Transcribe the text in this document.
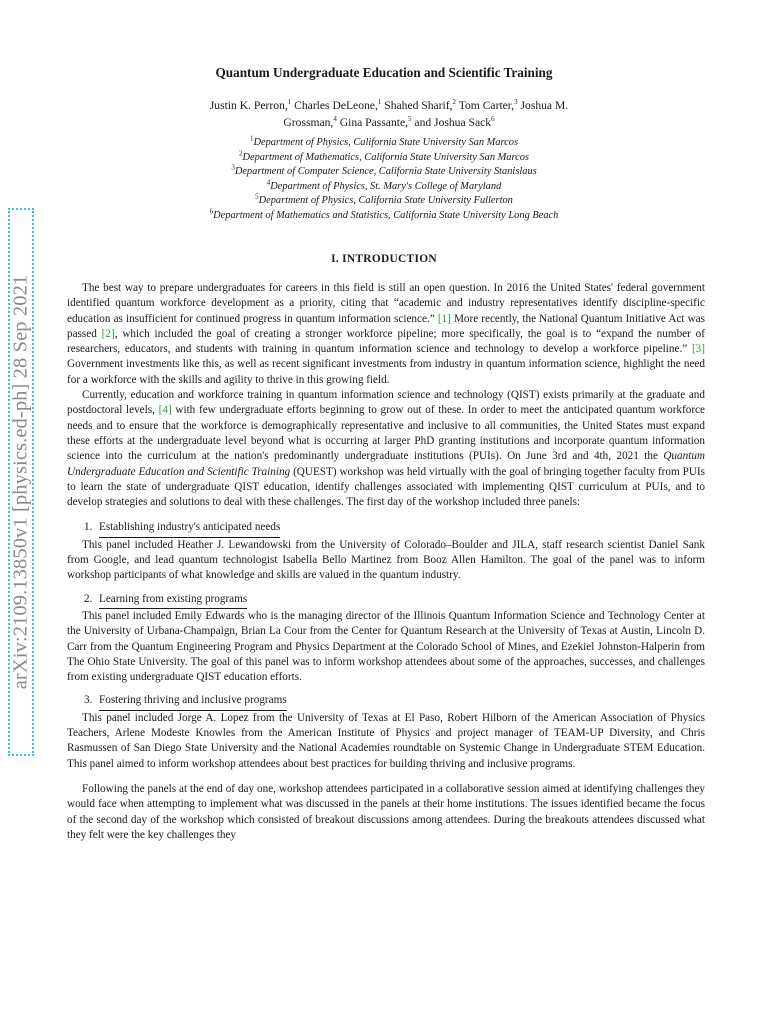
arXiv:2109.13850v1 [physics.ed-ph] 28 Sep 2021
Quantum Undergraduate Education and Scientific Training
Justin K. Perron,$^1$ Charles DeLeone,$^1$ Shahed Sharif,$^2$ Tom Carter,$^3$ Joshua M. Grossman,$^4$ Gina Passante,$^5$ and Joshua Sack$^6$
$^1$Department of Physics, California State University San Marcos
$^2$Department of Mathematics, California State University San Marcos
$^3$Department of Computer Science, California State University Stanislaus
$^4$Department of Physics, St. Mary's College of Maryland
$^5$Department of Physics, California State University Fullerton
$^6$Department of Mathematics and Statistics, California State University Long Beach
I. INTRODUCTION

The best way to prepare undergraduates for careers in this field is still an open question. In 2016 the United States' federal government identified quantum workforce development as a priority, citing that “academic and industry representatives identify discipline-specific education as insufficient for continued progress in quantum information science.” [1] More recently, the National Quantum Initiative Act was passed [2], which included the goal of creating a stronger workforce pipeline; more specifically, the goal is to “expand the number of researchers, educators, and students with training in quantum information science and technology to develop a workforce pipeline.” [3] Government investments like this, as well as recent significant investments from industry in quantum information science, highlight the need for a workforce with the skills and agility to thrive in this growing field.

Currently, education and workforce training in quantum information science and technology (QIST) exists primarily at the graduate and postdoctoral levels, [4] with few undergraduate efforts beginning to grow out of these. In order to meet the anticipated quantum workforce needs and to ensure that the workforce is demographically representative and inclusive to all communities, the United States must expand these efforts at the undergraduate level beyond what is occurring at larger PhD granting institutions and incorporate quantum information science into the curriculum at the nation's predominantly undergraduate institutions (PUIs). On June 3rd and 4th, 2021 the Quantum Undergraduate Education and Scientific Training (QUEST) workshop was held virtually with the goal of bringing together faculty from PUIs to learn the state of undergraduate QIST education, identify challenges associated with implementing QIST curriculum at PUIs, and to develop strategies and solutions to deal with these challenges. The first day of the workshop included three panels:

1. Establishing industry's anticipated needs

This panel included Heather J. Lewandowski from the University of Colorado–Boulder and JILA, staff research scientist Daniel Sank from Google, and lead quantum technologist Isabella Bello Martinez from Booz Allen Hamilton. The goal of the panel was to inform workshop participants of what knowledge and skills are valued in the quantum industry.

2. Learning from existing programs

This panel included Emily Edwards who is the managing director of the Illinois Quantum Information Science and Technology Center at the University of Urbana-Champaign, Brian La Cour from the Center for Quantum Research at the University of Texas at Austin, Lincoln D. Carr from the Quantum Engineering Program and Physics Department at the Colorado School of Mines, and Ezekiel Johnston-Halperin from The Ohio State University. The goal of this panel was to inform workshop attendees about some of the approaches, successes, and challenges from existing undergraduate QIST education efforts.

3. Fostering thriving and inclusive programs

This panel included Jorge A. Lopez from the University of Texas at El Paso, Robert Hilborn of the American Association of Physics Teachers, Arlene Modeste Knowles from the American Institute of Physics and project manager of TEAM-UP Diversity, and Chris Rasmussen of San Diego State University and the National Academies roundtable on Systemic Change in Undergraduate STEM Education. This panel aimed to inform workshop attendees about best practices for building thriving and inclusive programs.

Following the panels at the end of day one, workshop attendees participated in a collaborative session aimed at identifying challenges they would face when attempting to implement what was discussed in the panels at their home institutions. The issues identified became the focus of the second day of the workshop which consisted of breakout discussions among attendees. During the breakouts attendees discussed what they felt were the key challenges they
